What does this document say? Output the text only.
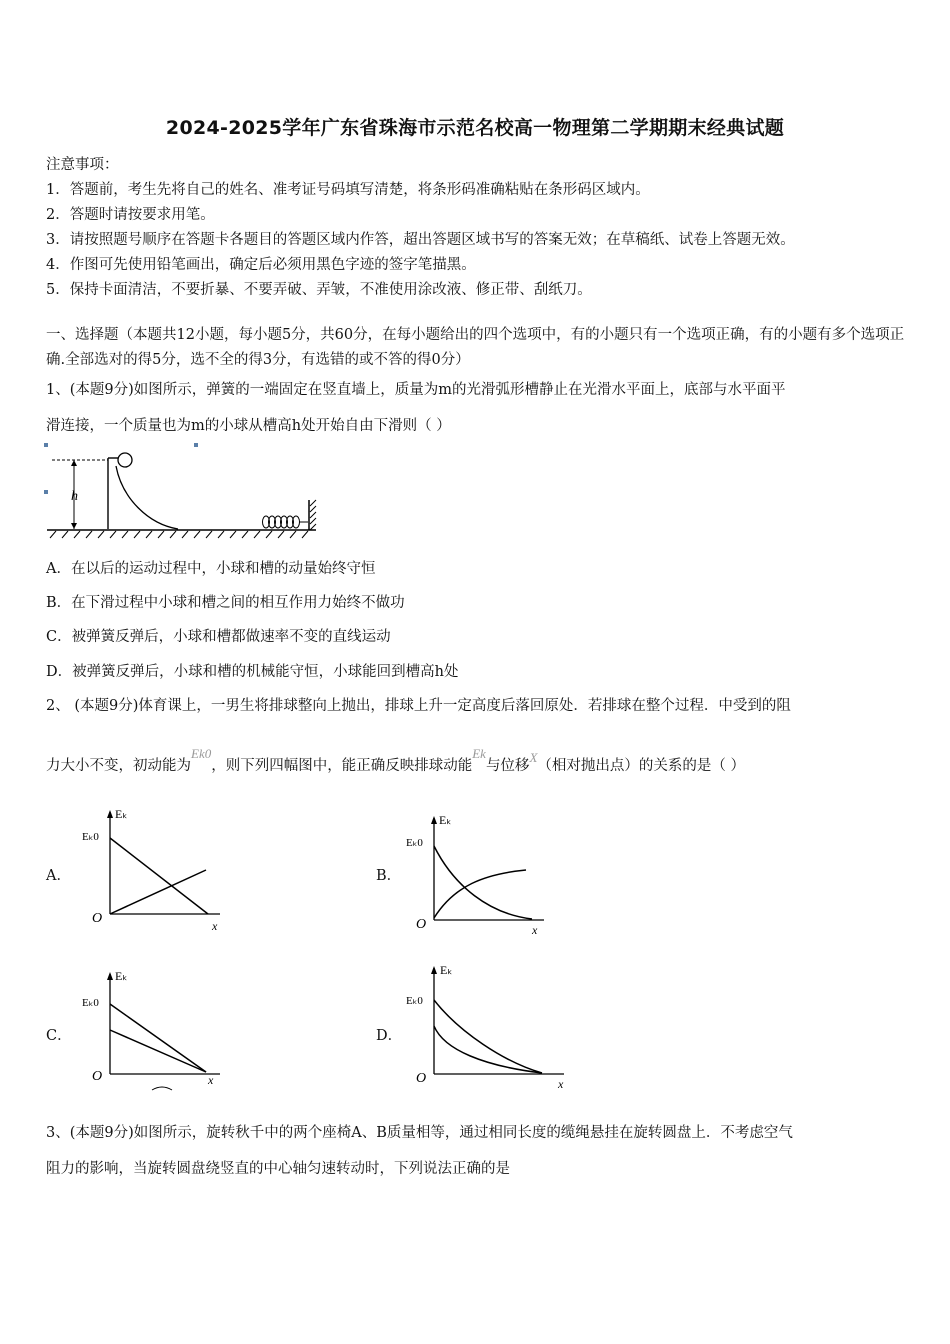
2024-2025学年广东省珠海市示范名校高一物理第二学期期末经典试题
注意事项：
1．答题前，考生先将自己的姓名、准考证号码填写清楚，将条形码准确粘贴在条形码区域内。
2．答题时请按要求用笔。
3．请按照题号顺序在答题卡各题目的答题区域内作答，超出答题区域书写的答案无效；在草稿纸、试卷上答题无效。
4．作图可先使用铅笔画出，确定后必须用黑色字迹的签字笔描黑。
5．保持卡面清洁，不要折暴、不要弄破、弄皱，不准使用涂改液、修正带、刮纸刀。
一、选择题（本题共12小题，每小题5分，共60分，在每小题给出的四个选项中，有的小题只有一个选项正确，有的小题有多个选项正确.全部选对的得5分，选不全的得3分，有选错的或不答的得0分）
1、(本题9分)如图所示，弹簧的一端固定在竖直墙上，质量为m的光滑弧形槽静止在光滑水平面上，底部与水平面平
滑连接，一个质量也为m的小球从槽高h处开始自由下滑则（ ）
h
A．在以后的运动过程中，小球和槽的动量始终守恒
B．在下滑过程中小球和槽之间的相互作用力始终不做功
C．被弹簧反弹后，小球和槽都做速率不变的直线运动
D．被弹簧反弹后，小球和槽的机械能守恒，小球能回到槽高h处
2、 (本题9分)体育课上，一男生将排球整向上抛出，排球上升一定高度后落回原处．若排球在整个过程．中受到的阻
力大小不变，初动能为Ek0，则下列四幅图中，能正确反映排球动能Ek与位移X（相对抛出点）的关系的是（ ）
A．	B．
C．	D．
Eₖ
Eₖ0
O	x
Eₖ
Eₖ0
O	x
Eₖ
Eₖ0
O	x
Eₖ
Eₖ0
O	x
3、(本题9分)如图所示，旋转秋千中的两个座椅A、B质量相等，通过相同长度的缆绳悬挂在旋转圆盘上．不考虑空气
阻力的影响，当旋转圆盘绕竖直的中心轴匀速转动时，下列说法正确的是
